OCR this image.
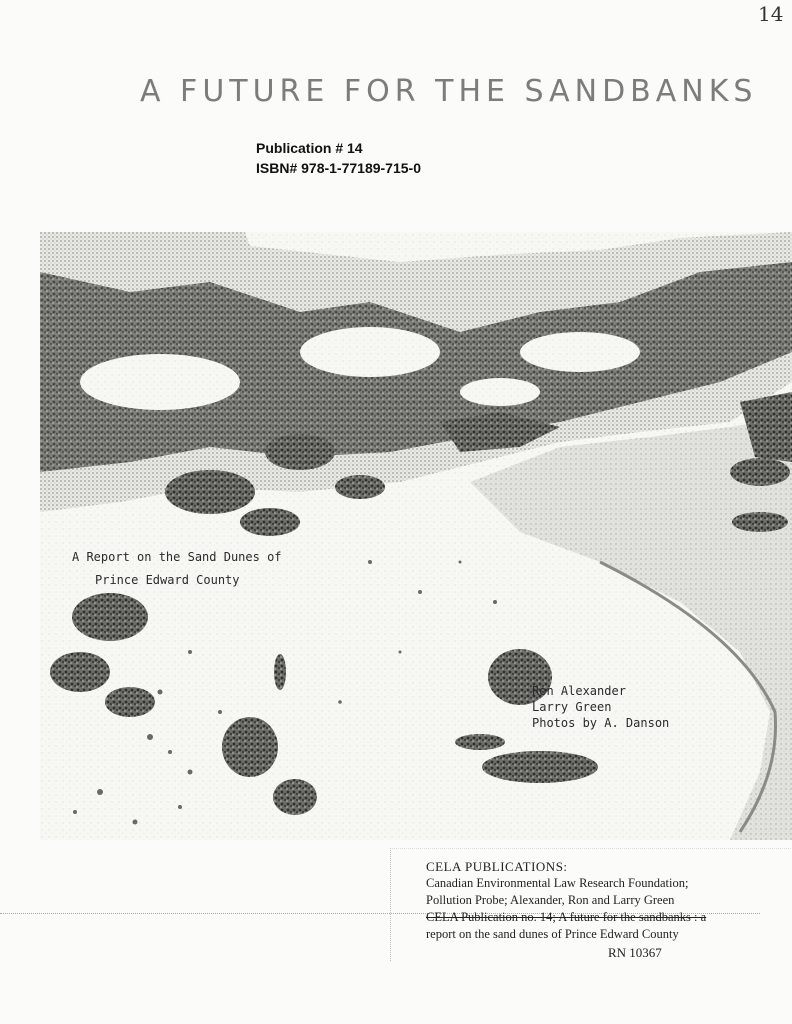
14
A FUTURE FOR THE SANDBANKS
Publication # 14
ISBN# 978-1-77189-715-0
A Report on the Sand Dunes of
Prince Edward County
Ron Alexander
Larry Green
Photos by A. Danson
CELA PUBLICATIONS:
Canadian Environmental Law Research Foundation;
Pollution Probe; Alexander, Ron and Larry Green
CELA Publication no. 14; A future for the sandbanks : a
report on the sand dunes of Prince Edward County
RN 10367
